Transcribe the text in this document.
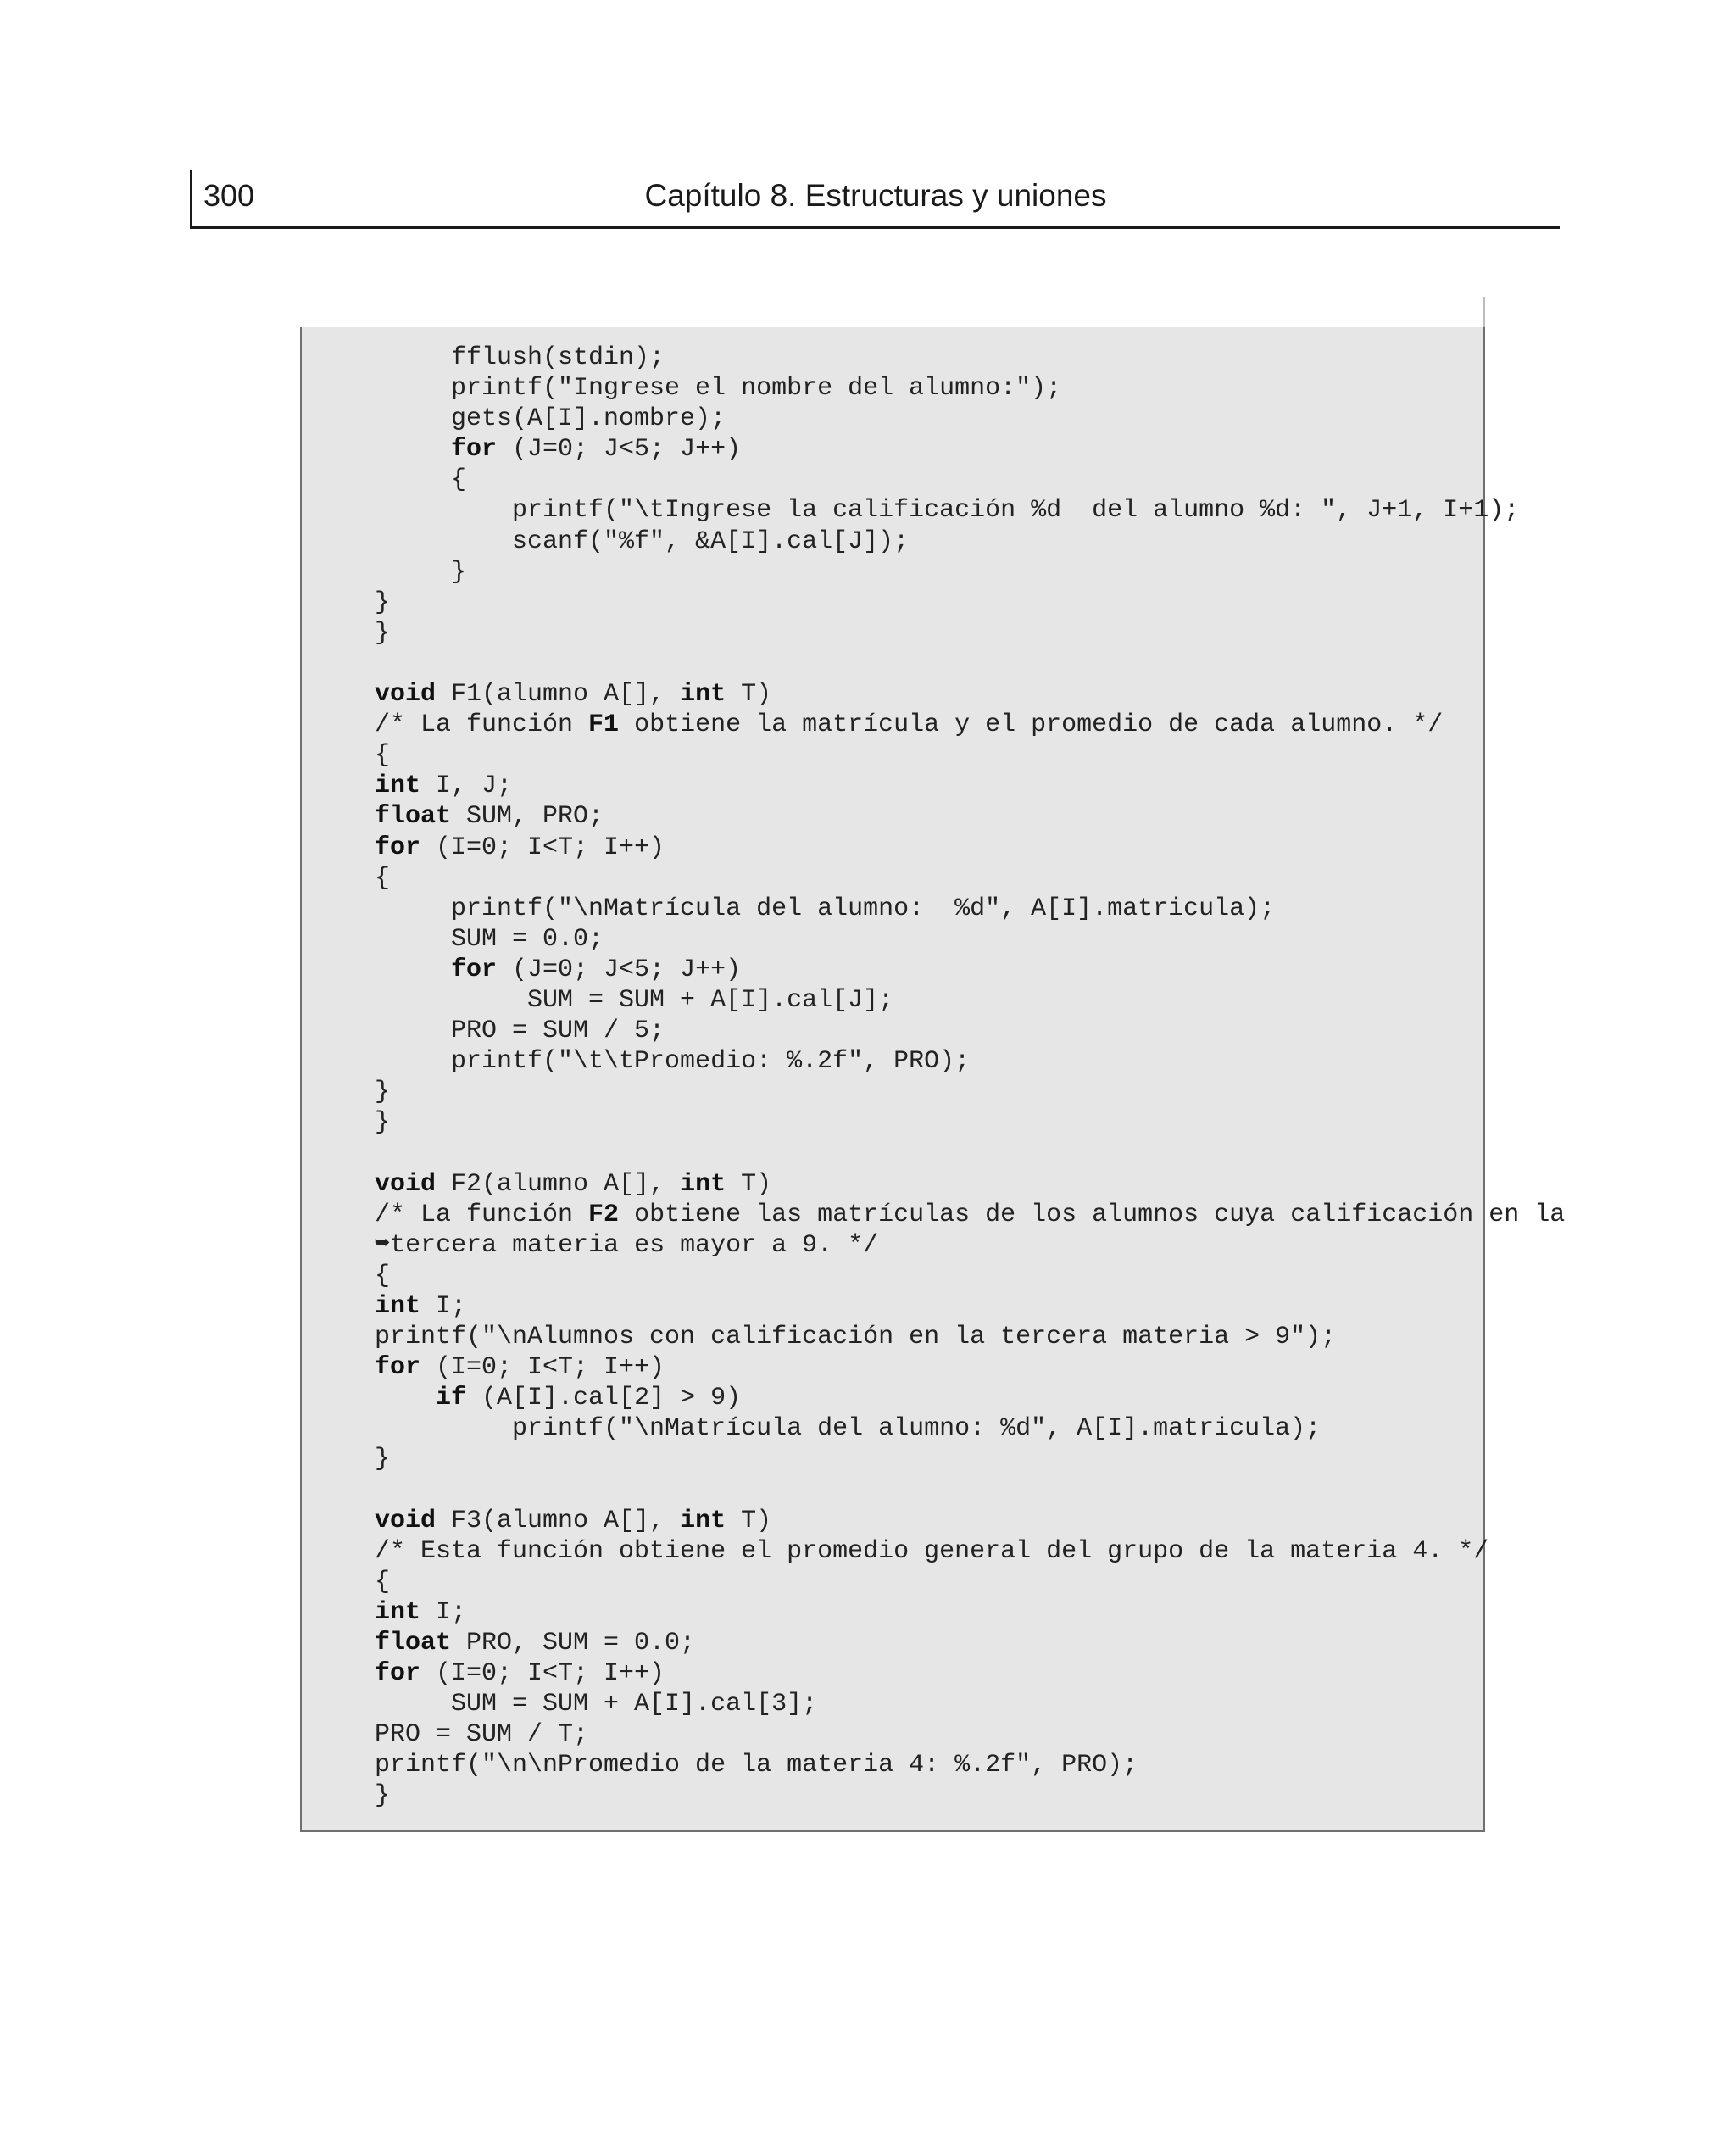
300	Capítulo 8. Estructuras y uniones
fflush(stdin);
printf("Ingrese el nombre del alumno:");
gets(A[I].nombre);
for (J=0; J<5; J++)
{
printf("\tIngrese la calificación %d  del alumno %d: ", J+1, I+1);
scanf("%f", &A[I].cal[J]);
}
}
}
void F1(alumno A[], int T)
/* La función F1 obtiene la matrícula y el promedio de cada alumno. */
{
int I, J;
float SUM, PRO;
for (I=0; I<T; I++)
{
printf("\nMatrícula del alumno:  %d", A[I].matricula);
SUM = 0.0;
for (J=0; J<5; J++)
SUM = SUM + A[I].cal[J];
PRO = SUM / 5;
printf("\t\tPromedio: %.2f", PRO);
}
}
void F2(alumno A[], int T)
/* La función F2 obtiene las matrículas de los alumnos cuya calificación en la
➥tercera materia es mayor a 9. */
{
int I;
printf("\nAlumnos con calificación en la tercera materia > 9");
for (I=0; I<T; I++)
if (A[I].cal[2] > 9)
printf("\nMatrícula del alumno: %d", A[I].matricula);
}
void F3(alumno A[], int T)
/* Esta función obtiene el promedio general del grupo de la materia 4. */
{
int I;
float PRO, SUM = 0.0;
for (I=0; I<T; I++)
SUM = SUM + A[I].cal[3];
PRO = SUM / T;
printf("\n\nPromedio de la materia 4: %.2f", PRO);
}
